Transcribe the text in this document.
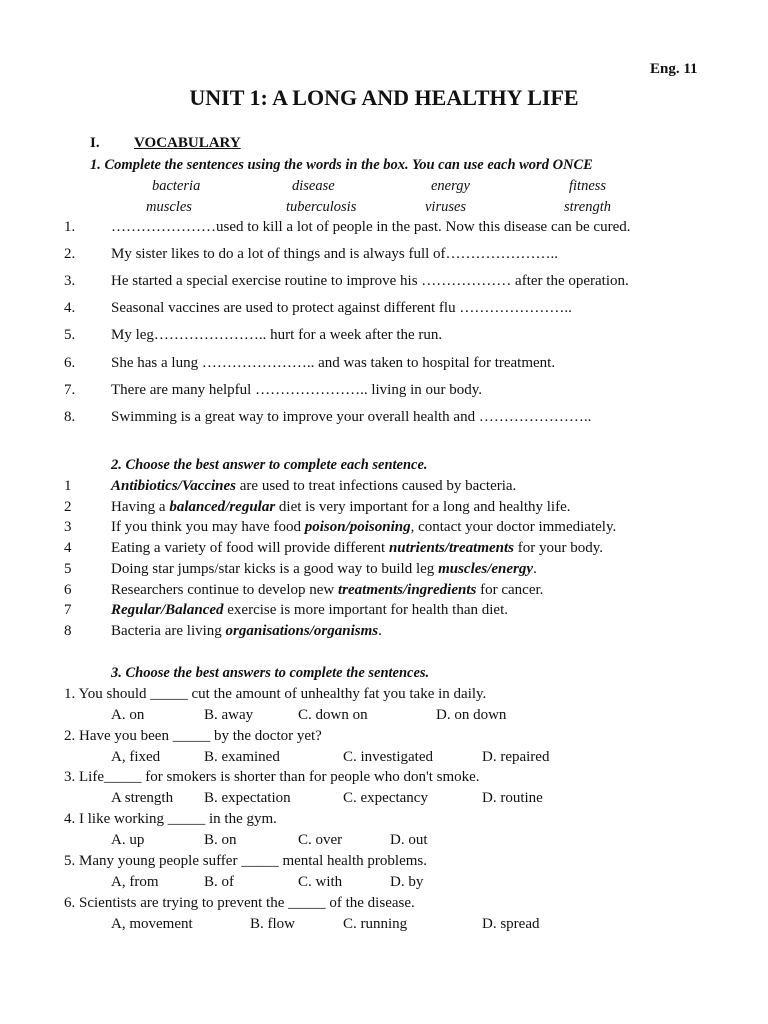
Eng. 11
UNIT 1: A LONG AND HEALTHY LIFE
I. VOCABULARY
1. Complete the sentences using the words in the box. You can use each word ONCE
bacteria	disease	energy	fitness
muscles	tuberculosis	viruses	strength
1. …………………used to kill a lot of people in the past. Now this disease can be cured.
2. My sister likes to do a lot of things and is always full of…………………..
3. He started a special exercise routine to improve his ……………… after the operation.
4. Seasonal vaccines are used to protect against different flu …………………..
5. My leg………………….. hurt for a week after the run.
6. She has a lung ………………….. and was taken to hospital for treatment.
7. There are many helpful ………………….. living in our body.
8. Swimming is a great way to improve your overall health and …………………..
2. Choose the best answer to complete each sentence.
1	Antibiotics/Vaccines are used to treat infections caused by bacteria.
2	Having a balanced/regular diet is very important for a long and healthy life.
3	If you think you may have food poison/poisoning, contact your doctor immediately.
4	Eating a variety of food will provide different nutrients/treatments for your body.
5	Doing star jumps/star kicks is a good way to build leg muscles/energy.
6	Researchers continue to develop new treatments/ingredients for cancer.
7	Regular/Balanced exercise is more important for health than diet.
8	Bacteria are living organisations/organisms.
3. Choose the best answers to complete the sentences.
1. You should _____ cut the amount of unhealthy fat you take in daily.
A. on	B. away	C. down on	D. on down
2. Have you been _____ by the doctor yet?
A, fixed	B. examined	C. investigated	D. repaired
3. Life_____ for smokers is shorter than for people who don't smoke.
A strength B. expectation	C. expectancy	D. routine
4. I like working _____ in the gym.
A. up	B. on	C. over	D. out
5. Many young people suffer _____ mental health problems.
A, from	B. of	C. with	D. by
6. Scientists are trying to prevent the _____ of the disease.
A, movement	B. flow	C. running	D. spread
